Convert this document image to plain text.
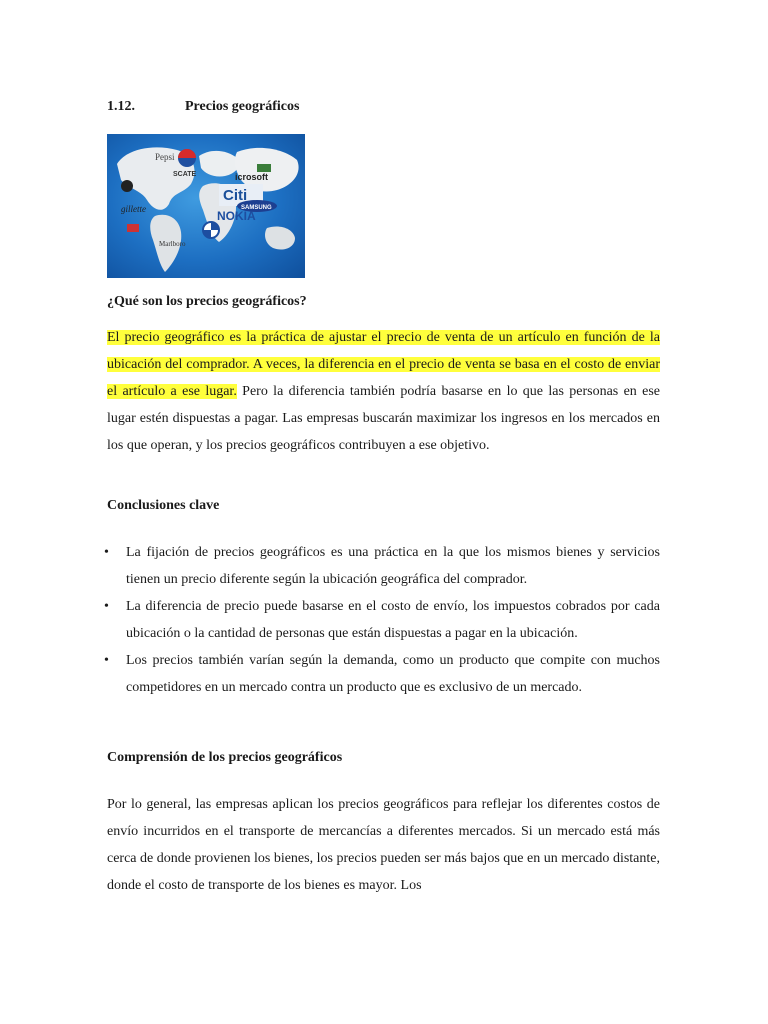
1.12.	Precios geográficos
Pepsi
SCATE	icrosoft
Citi
SAMSUNG
NOKIA
gillette
Marlboro
¿Qué son los precios geográficos?

El precio geográfico es la práctica de ajustar el precio de venta de un artículo en función de la ubicación del comprador. A veces, la diferencia en el precio de venta se basa en el costo de enviar el artículo a ese lugar. Pero la diferencia también podría basarse en lo que las personas en ese lugar estén dispuestas a pagar. Las empresas buscarán maximizar los ingresos en los mercados en los que operan, y los precios geográficos contribuyen a ese objetivo.

Conclusiones clave
• La fijación de precios geográficos es una práctica en la que los mismos bienes y servicios tienen un precio diferente según la ubicación geográfica del comprador.
• La diferencia de precio puede basarse en el costo de envío, los impuestos cobrados por cada ubicación o la cantidad de personas que están dispuestas a pagar en la ubicación.
• Los precios también varían según la demanda, como un producto que compite con muchos competidores en un mercado contra un producto que es exclusivo de un mercado.
Comprensión de los precios geográficos

Por lo general, las empresas aplican los precios geográficos para reflejar los diferentes costos de envío incurridos en el transporte de mercancías a diferentes mercados. Si un mercado está más cerca de donde provienen los bienes, los precios pueden ser más bajos que en un mercado distante, donde el costo de transporte de los bienes es mayor. Los
